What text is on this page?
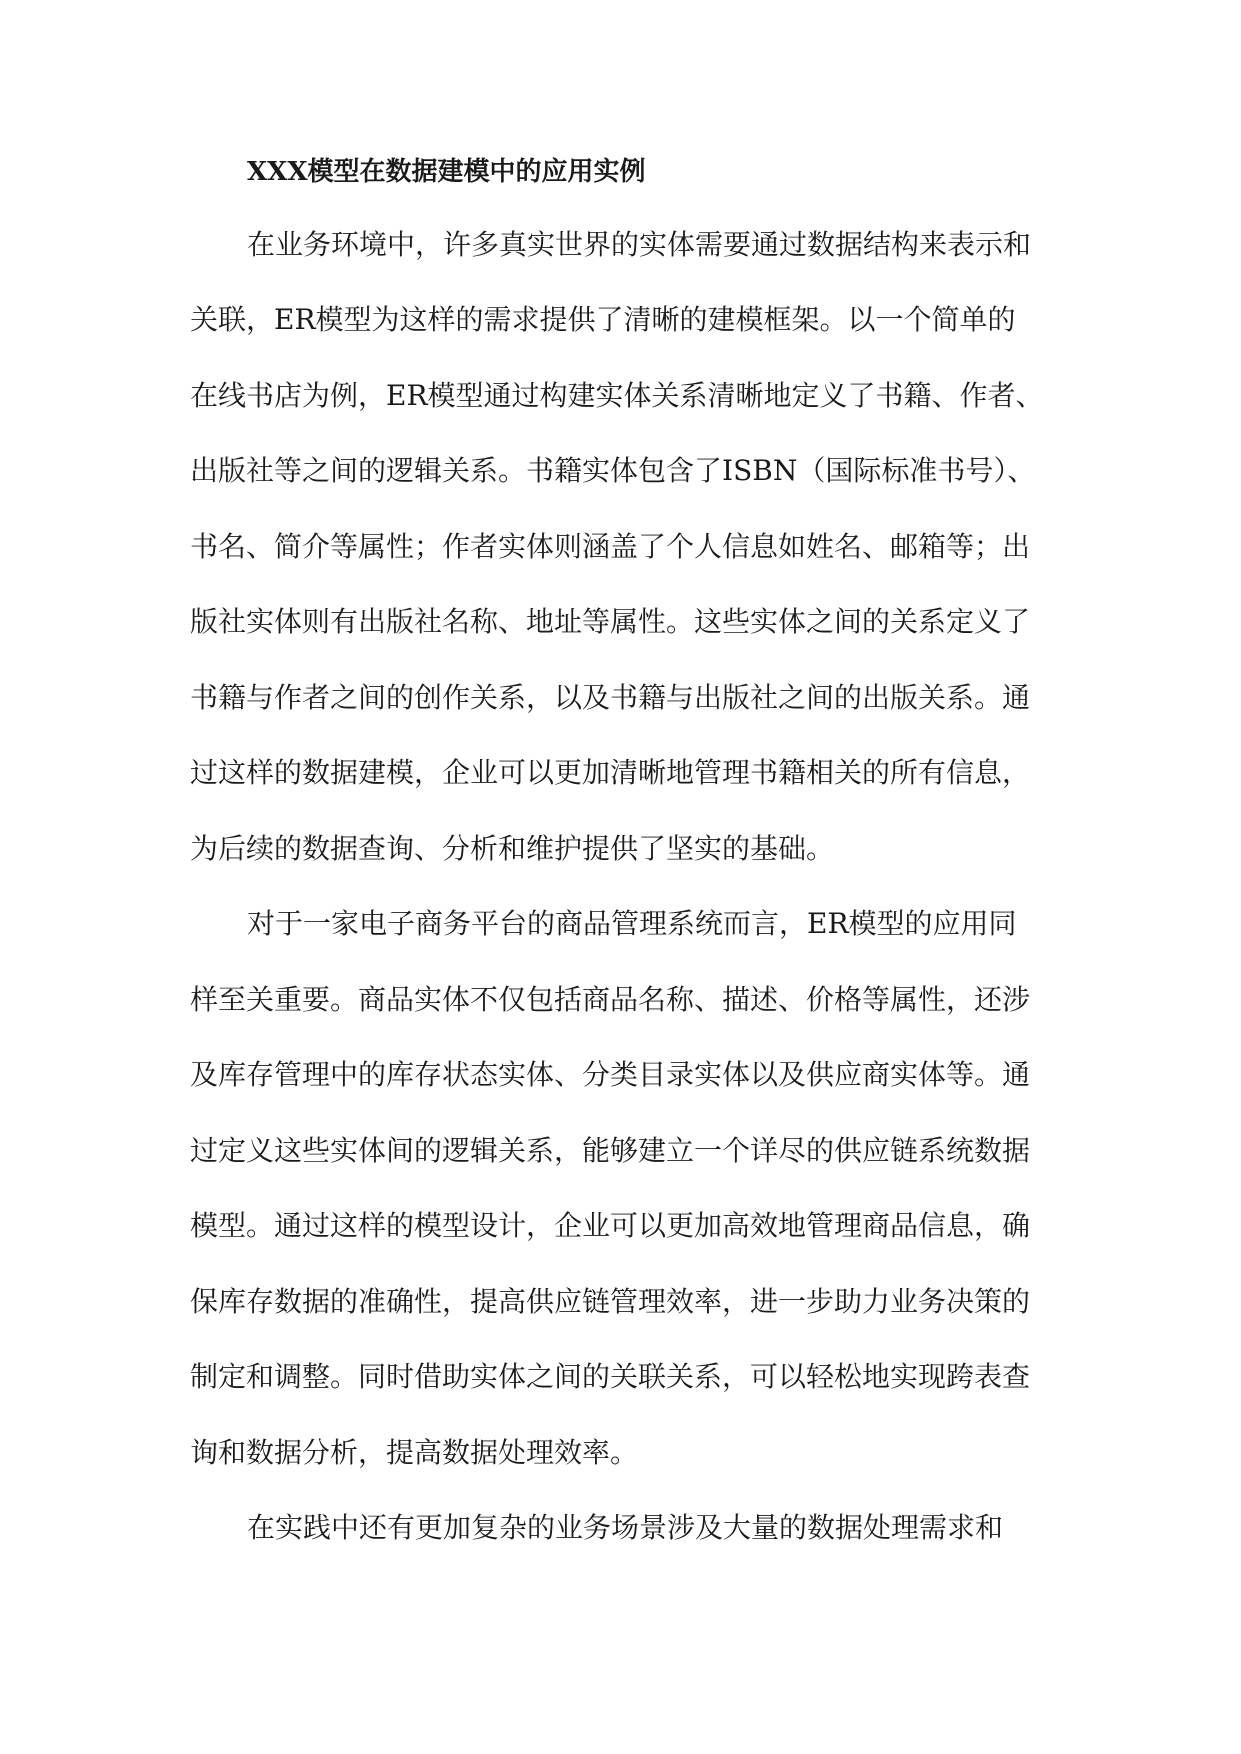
XXX模型在数据建模中的应用实例
在业务环境中，许多真实世界的实体需要通过数据结构来表示和
关联，ER模型为这样的需求提供了清晰的建模框架。以一个简单的
在线书店为例，ER模型通过构建实体关系清晰地定义了书籍、作者、
出版社等之间的逻辑关系。书籍实体包含了ISBN（国际标准书号）、
书名、简介等属性；作者实体则涵盖了个人信息如姓名、邮箱等；出
版社实体则有出版社名称、地址等属性。这些实体之间的关系定义了
书籍与作者之间的创作关系，以及书籍与出版社之间的出版关系。通
过这样的数据建模，企业可以更加清晰地管理书籍相关的所有信息，
为后续的数据查询、分析和维护提供了坚实的基础。
对于一家电子商务平台的商品管理系统而言，ER模型的应用同
样至关重要。商品实体不仅包括商品名称、描述、价格等属性，还涉
及库存管理中的库存状态实体、分类目录实体以及供应商实体等。通
过定义这些实体间的逻辑关系，能够建立一个详尽的供应链系统数据
模型。通过这样的模型设计，企业可以更加高效地管理商品信息，确
保库存数据的准确性，提高供应链管理效率，进一步助力业务决策的
制定和调整。同时借助实体之间的关联关系，可以轻松地实现跨表查
询和数据分析，提高数据处理效率。
在实践中还有更加复杂的业务场景涉及大量的数据处理需求和
